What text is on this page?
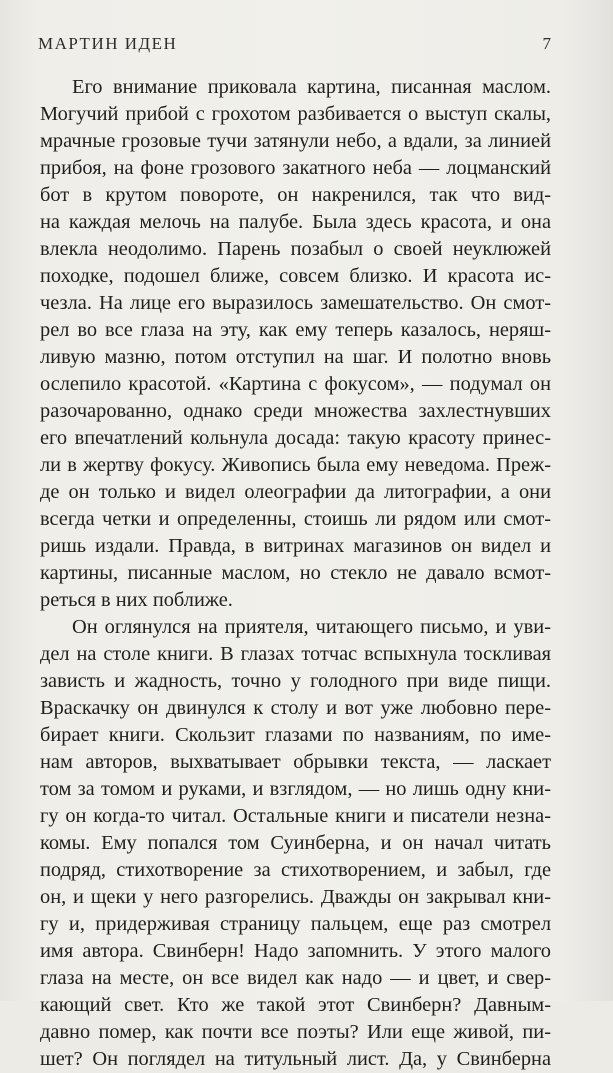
МАРТИН ИДЕН	7
Его внимание приковала картина, писанная маслом.
Могучий прибой с грохотом разбивается о выступ скалы,
мрачные грозовые тучи затянули небо, а вдали, за линией
прибоя, на фоне грозового закатного неба — лоцманский
бот в крутом повороте, он накренился, так что вид-
на каждая мелочь на палубе. Была здесь красота, и она
влекла неодолимо. Парень позабыл о своей неуклюжей
походке, подошел ближе, совсем близко. И красота ис-
чезла. На лице его выразилось замешательство. Он смот-
рел во все глаза на эту, как ему теперь казалось, неряш-
ливую мазню, потом отступил на шаг. И полотно вновь
ослепило красотой. «Картина с фокусом», — подумал он
разочарованно, однако среди множества захлестнувших
его впечатлений кольнула досада: такую красоту принес-
ли в жертву фокусу. Живопись была ему неведома. Преж-
де он только и видел олеографии да литографии, а они
всегда четки и определенны, стоишь ли рядом или смот-
ришь издали. Правда, в витринах магазинов он видел и
картины, писанные маслом, но стекло не давало всмот-
реться в них поближе.
Он оглянулся на приятеля, читающего письмо, и уви-
дел на столе книги. В глазах тотчас вспыхнула тоскливая
зависть и жадность, точно у голодного при виде пищи.
Враскачку он двинулся к столу и вот уже любовно пере-
бирает книги. Скользит глазами по названиям, по име-
нам авторов, выхватывает обрывки текста, — ласкает
том за томом и руками, и взглядом, — но лишь одну кни-
гу он когда-то читал. Остальные книги и писатели незна-
комы. Ему попался том Суинберна, и он начал читать
подряд, стихотворение за стихотворением, и забыл, где
он, и щеки у него разгорелись. Дважды он закрывал кни-
гу и, придерживая страницу пальцем, еще раз смотрел
имя автора. Свинберн! Надо запомнить. У этого малого
глаза на месте, он все видел как надо — и цвет, и свер-
кающий свет. Кто же такой этот Свинберн? Давным-
давно помер, как почти все поэты? Или еще живой, пи-
шет? Он поглядел на титульный лист. Да, у Свинберна
